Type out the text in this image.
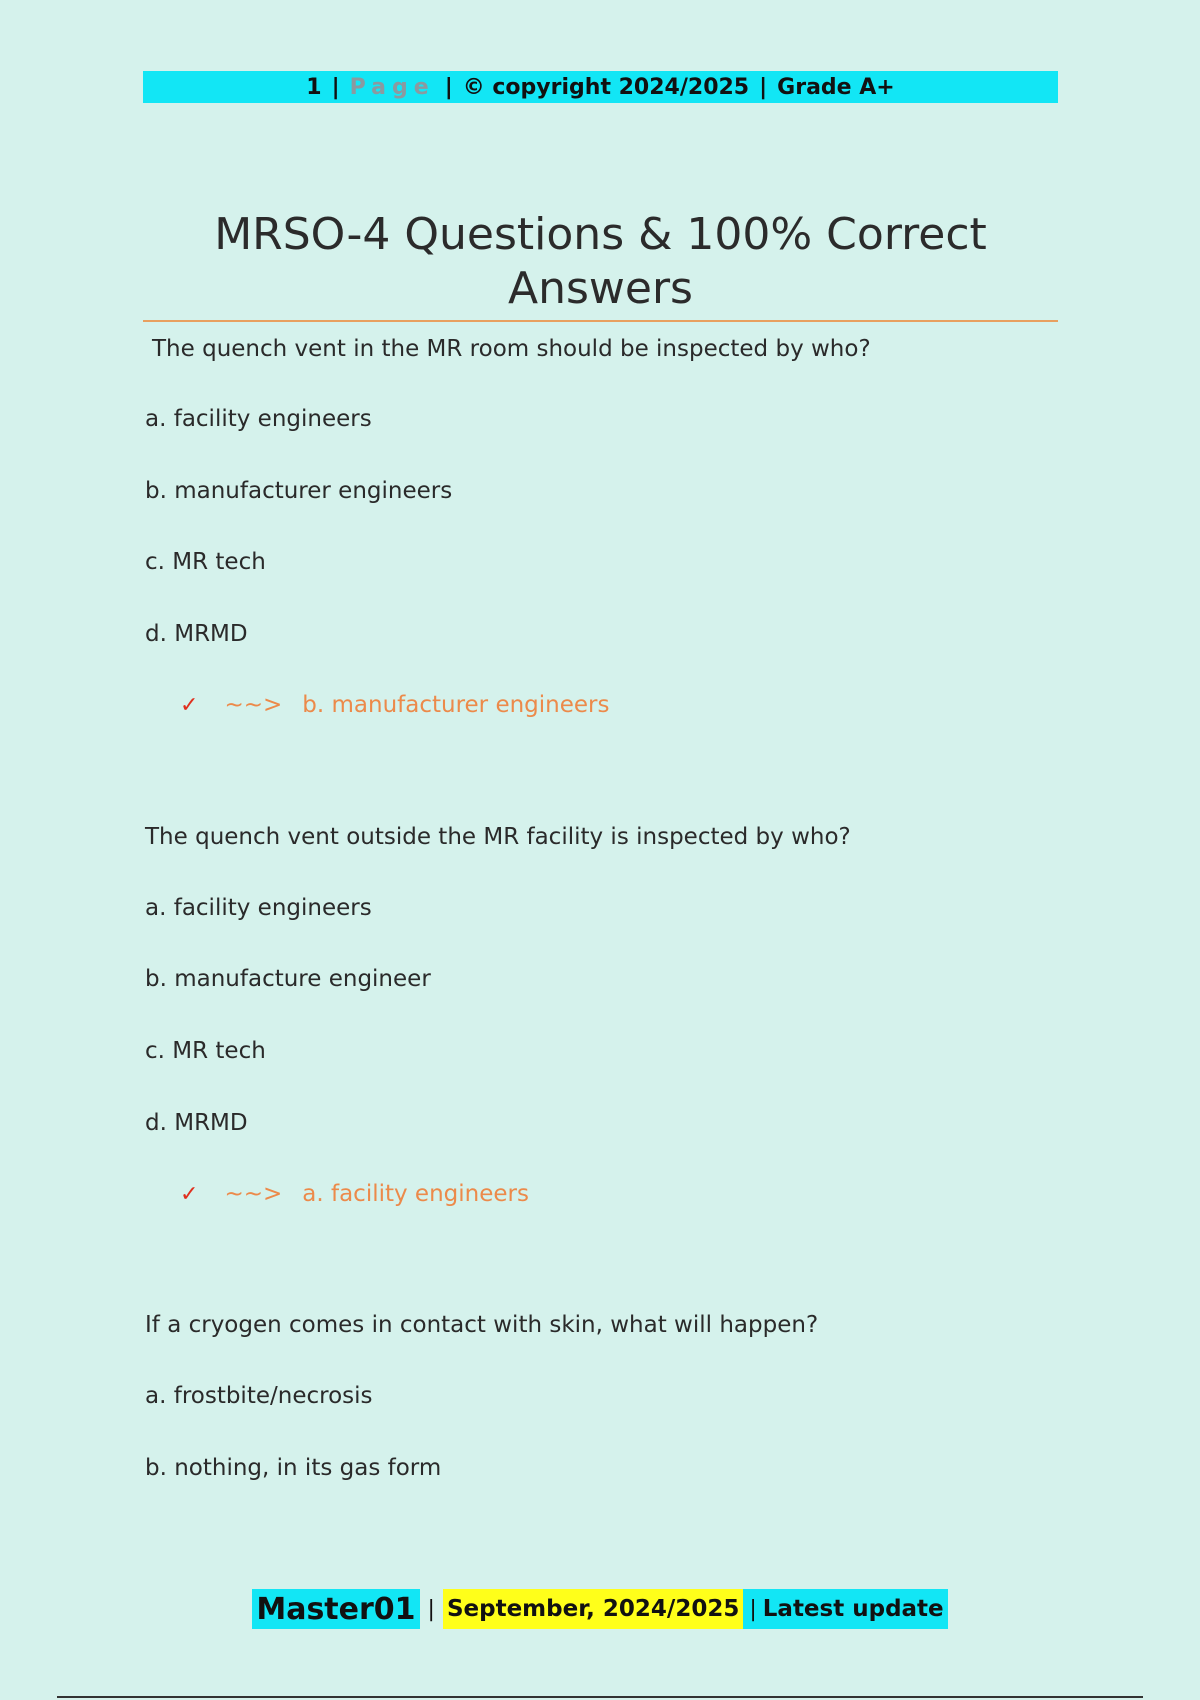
1 | Page | © copyright 2024/2025 | Grade A+
MRSO-4 Questions & 100% Correct Answers
The quench vent in the MR room should be inspected by who?
a. facility engineers
b. manufacturer engineers
c. MR tech
d. MRMD
✓ ~~> b. manufacturer engineers
The quench vent outside the MR facility is inspected by who?
a. facility engineers
b. manufacture engineer
c. MR tech
d. MRMD
✓ ~~> a. facility engineers
If a cryogen comes in contact with skin, what will happen?
a. frostbite/necrosis
b. nothing, in its gas form
Master01 | September, 2024/2025 | Latest update
